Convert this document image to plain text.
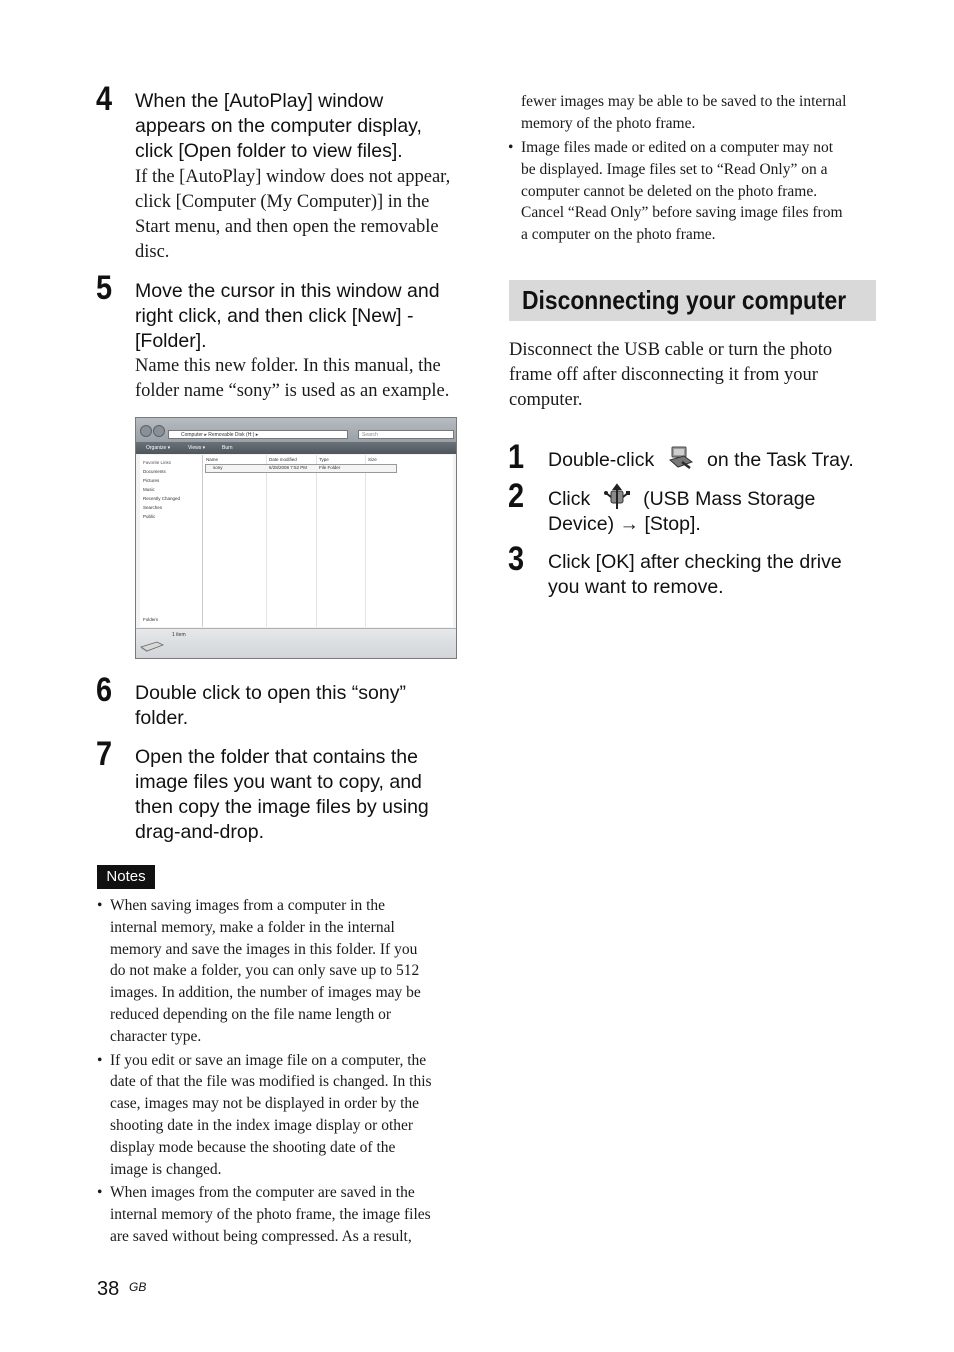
4 When the [AutoPlay] window
appears on the computer display,
click [Open folder to view files].
If the [AutoPlay] window does not appear,
click [Computer (My Computer)] in the
Start menu, and then open the removable
disc.
5 Move the cursor in this window and
right click, and then click [New] -
[Folder].
Name this new folder. In this manual, the
folder name “sony” is used as an example.
Computer ▸ Removable Disk (H:) ▸	Search
Organize ▾	Views ▾	Burn
Favorite Links
Documents
Pictures
Music
Recently Changed
Searches
Public
Folders
Name	Date modified	Type	Size
sony	6/28/2008 7:52 PM	File Folder
1 item
6 Double click to open this “sony”
folder.
7 Open the folder that contains the
image files you want to copy, and
then copy the image files by using
drag-and-drop.
Notes
• When saving images from a computer in the
internal memory, make a folder in the internal
memory and save the images in this folder. If you
do not make a folder, you can only save up to 512
images. In addition, the number of images may be
reduced depending on the file name length or
character type.
• If you edit or save an image file on a computer, the
date of that the file was modified is changed. In this
case, images may not be displayed in order by the
shooting date in the index image display or other
display mode because the shooting date of the
image is changed.
• When images from the computer are saved in the
internal memory of the photo frame, the image files
are saved without being compressed. As a result,
fewer images may be able to be saved to the internal
memory of the photo frame.
• Image files made or edited on a computer may not
be displayed. Image files set to “Read Only” on a
computer cannot be deleted on the photo frame.
Cancel “Read Only” before saving image files from
a computer on the photo frame.
Disconnecting your computer
Disconnect the USB cable or turn the photo
frame off after disconnecting it from your
computer.
1 Double-click	on the Task Tray.
2 Click	(USB Mass Storage
Device) → [Stop].
3 Click [OK] after checking the drive
you want to remove.
38 GB
